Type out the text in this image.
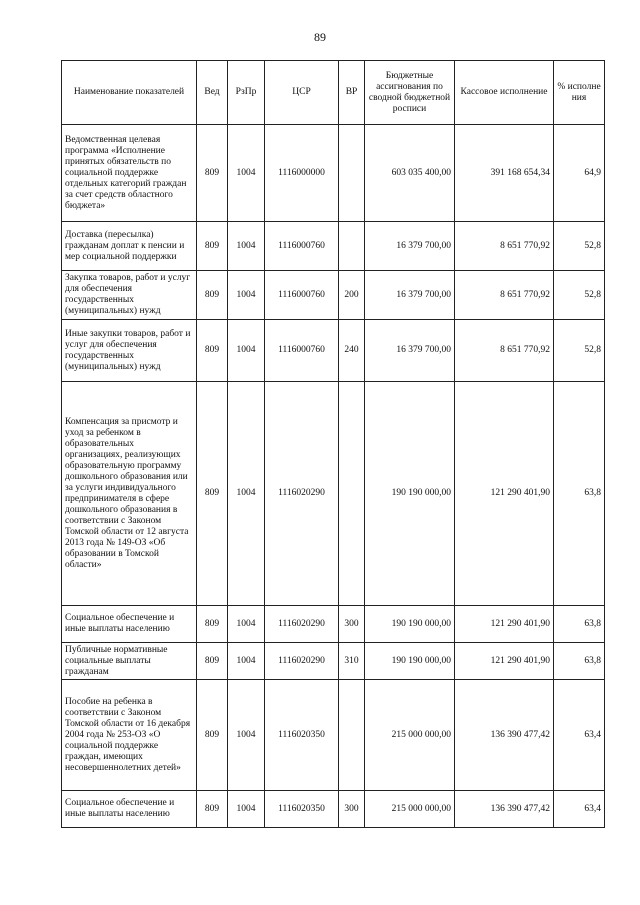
89
Наименование показателей	Вед	РзПр	ЦСР	ВР	Бюджетные ассигнования по сводной бюджетной росписи	Кассовое исполнение	% исполне ния
Ведомственная целевая программа «Исполнение принятых обязательств по социальной поддержке отдельных категорий граждан за счет средств областного бюджета»	809	1004	1116000000		603 035 400,00	391 168 654,34	64,9
Доставка (пересылка) гражданам доплат к пенсии и мер социальной поддержки	809	1004	1116000760		16 379 700,00	8 651 770,92	52,8
Закупка товаров, работ и услуг для обеспечения государственных (муниципальных) нужд	809	1004	1116000760	200	16 379 700,00	8 651 770,92	52,8
Иные закупки товаров, работ и услуг для обеспечения государственных (муниципальных) нужд	809	1004	1116000760	240	16 379 700,00	8 651 770,92	52,8
Компенсация за присмотр и уход за ребенком в образовательных организациях, реализующих образовательную программу дошкольного образования или за услуги индивидуального предпринимателя в сфере дошкольного образования в соответствии с Законом Томской области от 12 августа 2013 года № 149-ОЗ «Об образовании в Томской области»	809	1004	1116020290		190 190 000,00	121 290 401,90	63,8
Социальное обеспечение и иные выплаты населению	809	1004	1116020290	300	190 190 000,00	121 290 401,90	63,8
Публичные нормативные социальные выплаты гражданам	809	1004	1116020290	310	190 190 000,00	121 290 401,90	63,8
Пособие на ребенка в соответствии с Законом Томской области от 16 декабря 2004 года № 253-ОЗ «О социальной поддержке граждан, имеющих несовершеннолетних детей»	809	1004	1116020350		215 000 000,00	136 390 477,42	63,4
Социальное обеспечение и иные выплаты населению	809	1004	1116020350	300	215 000 000,00	136 390 477,42	63,4
